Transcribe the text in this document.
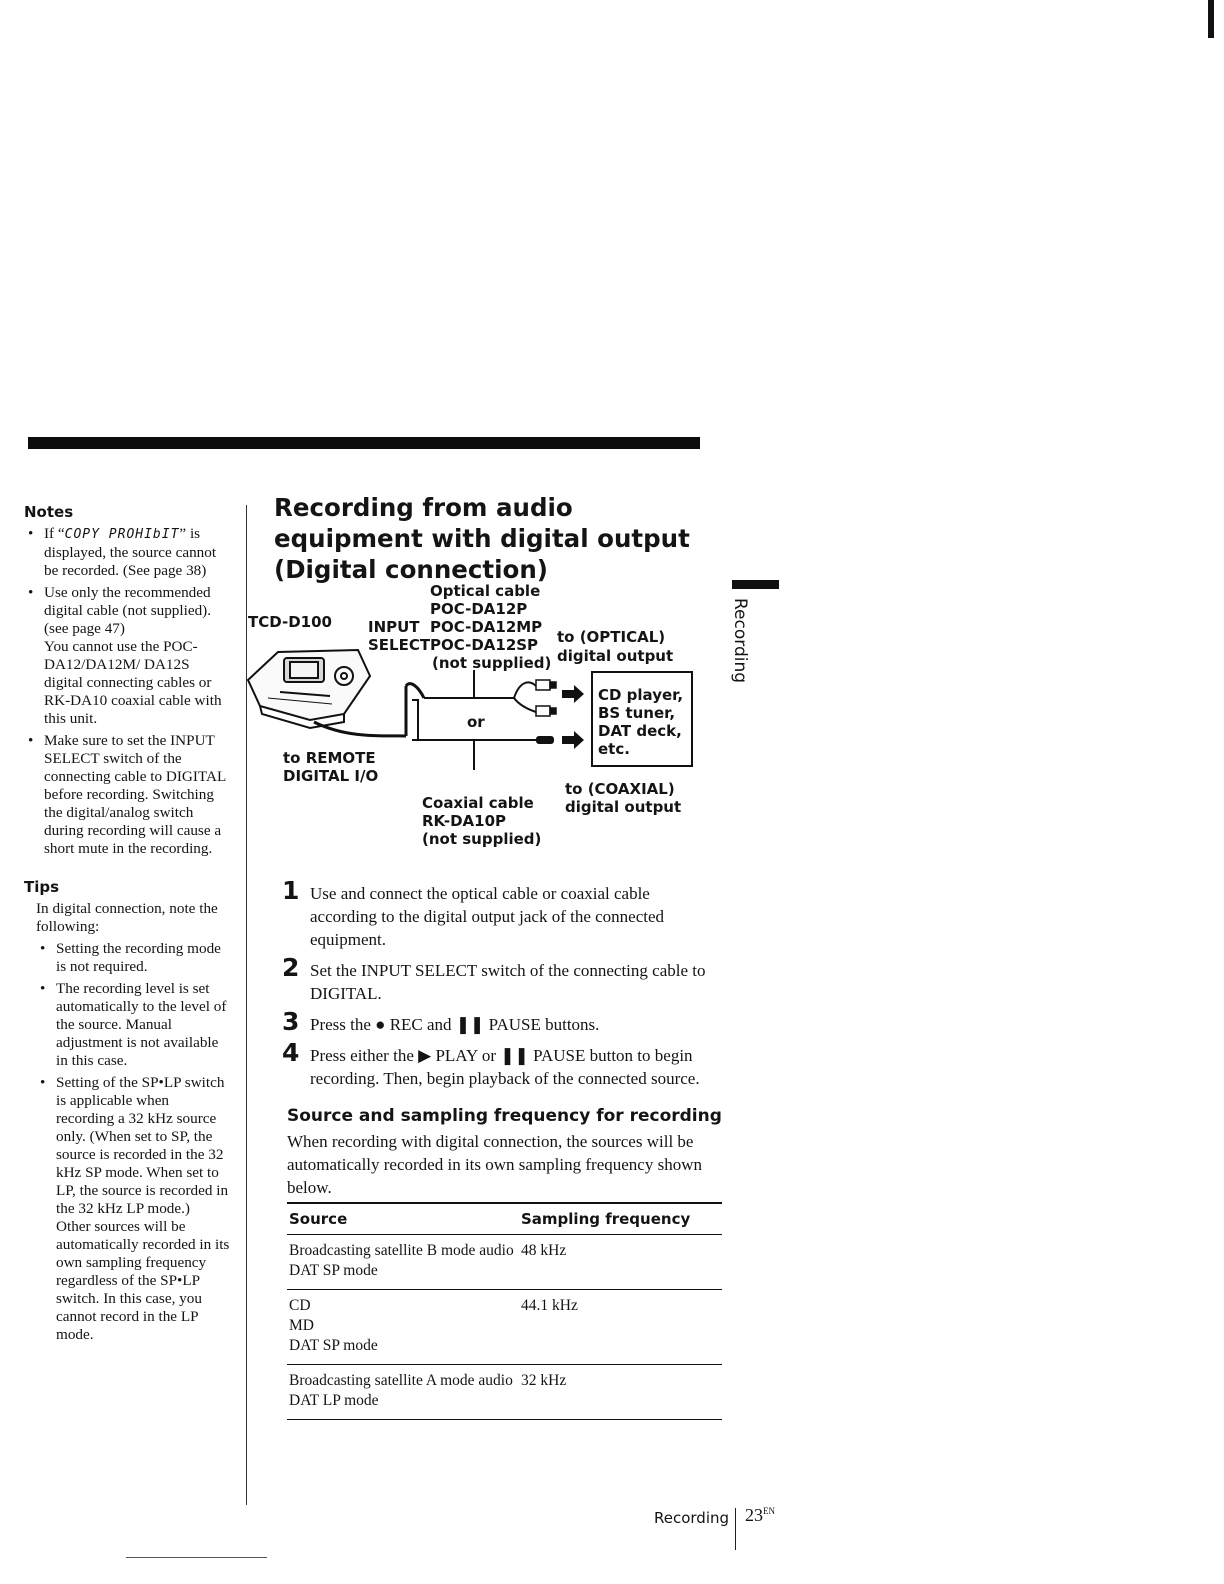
Notes
• If “COPY PROHIbIT” is displayed, the source cannot be recorded. (See page 38)
• Use only the recommended digital cable (not supplied). (see page 47)
You cannot use the POC-DA12/DA12M/ DA12S digital connecting cables or RK-DA10 coaxial cable with this unit.
• Make sure to set the INPUT SELECT switch of the connecting cable to DIGITAL before recording. Switching the digital/analog switch during recording will cause a short mute in the recording.
Tips
In digital connection, note the following:
• Setting the recording mode is not required.
• The recording level is set automatically to the level of the source. Manual adjustment is not available in this case.
• Setting of the SP•LP switch is applicable when recording a 32 kHz source only. (When set to SP, the source is recorded in the 32 kHz SP mode. When set to LP, the source is recorded in the 32 kHz LP mode.)
Other sources will be automatically recorded in its own sampling frequency regardless of the SP•LP switch. In this case, you cannot record in the LP mode.
Recording from audio equipment with digital output (Digital connection)
TCD-D100 INPUT
SELECT
Optical cable
POC-DA12P
POC-DA12MP
POC-DA12SP
(not supplied)
to (OPTICAL)
digital output
CD player,
BS tuner,
DAT deck,
etc.
or
to REMOTE
DIGITAL I/O
Coaxial cable
RK-DA10P
(not supplied)
to (COAXIAL)
digital output
1 Use and connect the optical cable or coaxial cable according to the digital output jack of the connected equipment.
2 Set the INPUT SELECT switch of the connecting cable to DIGITAL.
3 Press the ● REC and ❚❚ PAUSE buttons.
4 Press either the ▶ PLAY or ❚❚ PAUSE button to begin recording. Then, begin playback of the connected source.
Source and sampling frequency for recording
When recording with digital connection, the sources will be automatically recorded in its own sampling frequency shown below.
Source	Sampling frequency

Broadcasting satellite B mode audio
DAT SP mode	48 kHz

CD
MD
DAT SP mode	44.1 kHz

Broadcasting satellite A mode audio
DAT LP mode	32 kHz
Recording
Recording $23^{EN}$
